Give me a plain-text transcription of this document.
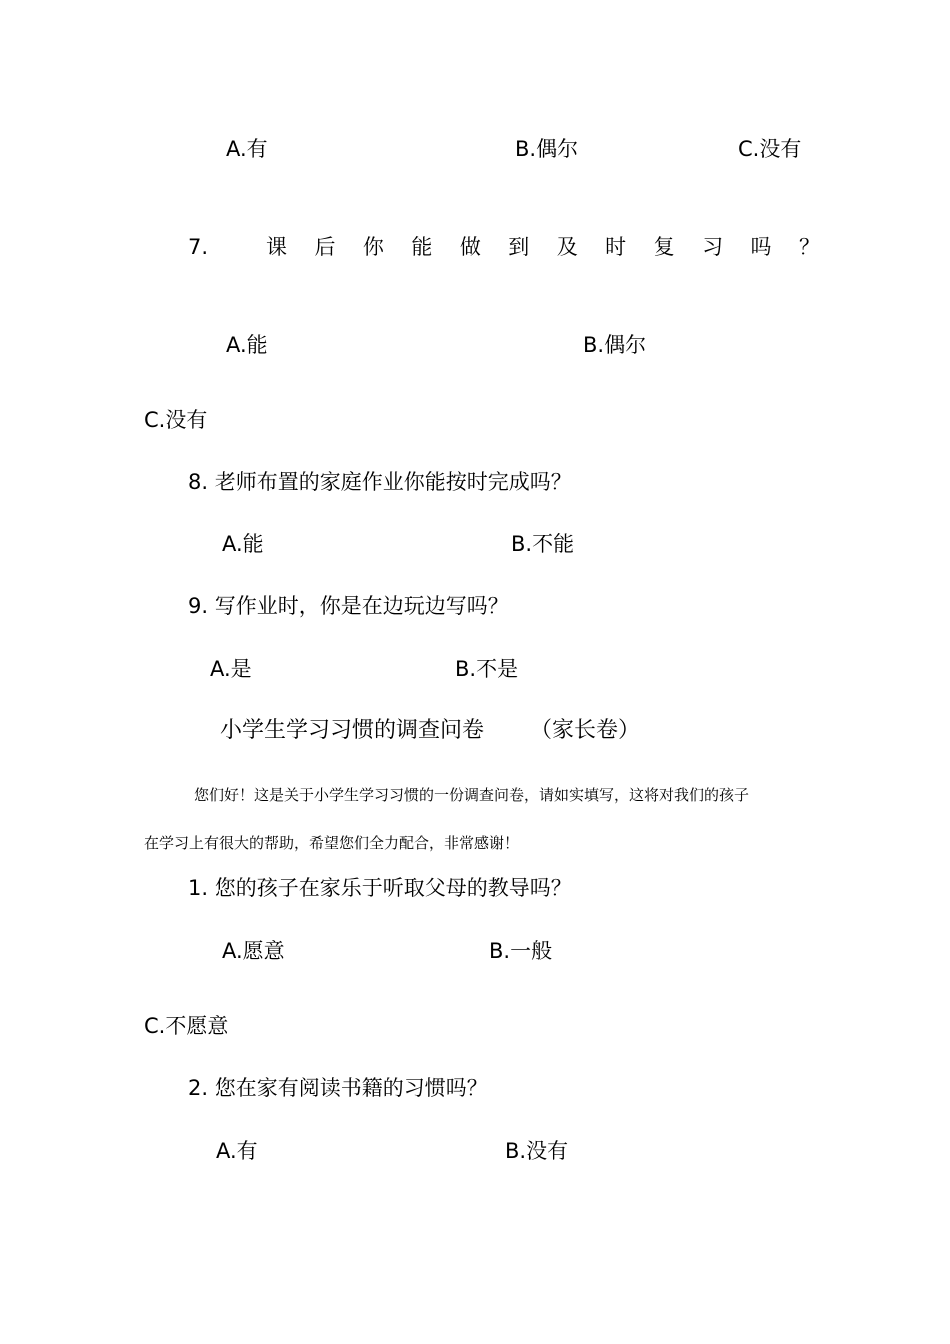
A.有	B.偶尔	C.没有
7.	课 后 你 能 做 到 及 时 复 习 吗 ？
A.能	B.偶尔
C.没有
8. 老师布置的家庭作业你能按时完成吗？
A.能	B.不能
9. 写作业时，你是在边玩边写吗？
A.是	B.不是
小学生学习习惯的调查问卷 （家长卷）
您们好！这是关于小学生学习习惯的一份调查问卷，请如实填写，这将对我们的孩子
在学习上有很大的帮助，希望您们全力配合，非常感谢！
1. 您的孩子在家乐于听取父母的教导吗？
A.愿意	B.一般
C.不愿意
2. 您在家有阅读书籍的习惯吗？
A.有	B.没有
